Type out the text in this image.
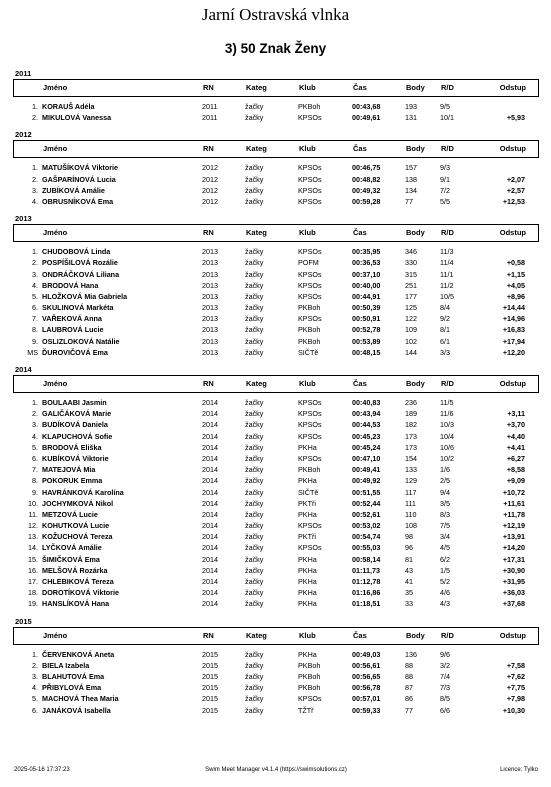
Jarní Ostravská vlnka
3) 50 Znak Ženy
2011
Jméno	RN	Kateg	Klub	Čas	Body R/D	Odstup
1. KORAUŠ Adéla	2011	žačky	PKBoh	00:43,68	193	9/5
2. MIKULOVÁ Vanessa	2011	žačky	KPSOs	00:49,61	131	10/1	+5,93
2012
Jméno	RN	Kateg	Klub	Čas	Body R/D	Odstup
1. MATUŠÍKOVÁ Viktorie	2012	žačky	KPSOs	00:46,75	157	9/3
2. GAŠPARÍNOVÁ Lucia	2012	žačky	KPSOs	00:48,82	138	9/1	+2,07
3. ZUBÍKOVÁ Amálie	2012	žačky	KPSOs	00:49,32	134	7/2	+2,57
4. OBRUSNÍKOVÁ Ema	2012	žačky	KPSOs	00:59,28	77	5/5	+12,53
2013
Jméno	RN	Kateg	Klub	Čas	Body R/D	Odstup
1. CHUDOBOVÁ Linda	2013	žačky	KPSOs	00:35,95	346	11/3
2. POSPÍŠILOVÁ Rozálie	2013	žačky	POFM	00:36,53	330	11/4	+0,58
3. ONDRÁČKOVÁ Liliana	2013	žačky	KPSOs	00:37,10	315	11/1	+1,15
4. BRODOVÁ Hana	2013	žačky	KPSOs	00:40,00	251	11/2	+4,05
5. HLOŽKOVÁ Mia Gabriela	2013	žačky	KPSOs	00:44,91	177	10/5	+8,96
6. SKULINOVÁ Markéta	2013	žačky	PKBoh	00:50,39	125	8/4	+14,44
7. VAŘEKOVÁ Anna	2013	žačky	KPSOs	00:50,91	122	9/2	+14,96
8. LAUBROVÁ Lucie	2013	žačky	PKBoh	00:52,78	109	8/1	+16,83
9. OSLIZLOKOVÁ Natálie	2013	žačky	PKBoh	00:53,89	102	6/1	+17,94
MS ĎUROVIČOVÁ Ema	2013	žačky	SIČTě	00:48,15	144	3/3	+12,20
2014
Jméno	RN	Kateg	Klub	Čas	Body R/D	Odstup
1. BOULAABI Jasmin	2014	žačky	KPSOs	00:40,83	236	11/5
2. GALIČÁKOVÁ Marie	2014	žačky	KPSOs	00:43,94	189	11/6	+3,11
3. BUDÍKOVÁ Daniela	2014	žačky	KPSOs	00:44,53	182	10/3	+3,70
4. KLAPUCHOVÁ Sofie	2014	žačky	KPSOs	00:45,23	173	10/4	+4,40
5. BRODOVÁ Eliška	2014	žačky	PKHa	00:45,24	173	10/6	+4,41
6. KUBÍKOVÁ Viktorie	2014	žačky	KPSOs	00:47,10	154	10/2	+6,27
7. MATEJOVÁ Mia	2014	žačky	PKBoh	00:49,41	133	1/6	+8,58
8. POKORUK Emma	2014	žačky	PKHa	00:49,92	129	2/5	+9,09
9. HAVRÁNKOVÁ Karolína	2014	žačky	SIČTě	00:51,55	117	9/4	+10,72
10. JOCHYMKOVÁ Nikol	2014	žačky	PKTři	00:52,44	111	3/5	+11,61
11. METZOVÁ Lucie	2014	žačky	PKHa	00:52,61	110	8/3	+11,78
12. KOHUTKOVÁ Lucie	2014	žačky	KPSOs	00:53,02	108	7/5	+12,19
13. KOŽUCHOVÁ Tereza	2014	žačky	PKTři	00:54,74	98	3/4	+13,91
14. LYČKOVÁ Amálie	2014	žačky	KPSOs	00:55,03	96	4/5	+14,20
15. ŠIMIČKOVÁ Ema	2014	žačky	PKHa	00:58,14	81	6/2	+17,31
16. MELŠOVÁ Rozárka	2014	žačky	PKHa	01:11,73	43	1/5	+30,90
17. CHLEBIKOVÁ Tereza	2014	žačky	PKHa	01:12,78	41	5/2	+31,95
18. DOROTÍKOVÁ Viktorie	2014	žačky	PKHa	01:16,86	35	4/6	+36,03
19. HANSLÍKOVÁ Hana	2014	žačky	PKHa	01:18,51	33	4/3	+37,68
2015
Jméno	RN	Kateg	Klub	Čas	Body R/D	Odstup
1. ČERVENKOVÁ Aneta	2015	žačky	PKHa	00:49,03	136	9/6
2. BIELA Izabela	2015	žačky	PKBoh	00:56,61	88	3/2	+7,58
3. BLAHUTOVÁ Ema	2015	žačky	PKBoh	00:56,65	88	7/4	+7,62
4. PŘIBYLOVÁ Ema	2015	žačky	PKBoh	00:56,78	87	7/3	+7,75
5. MACHOVÁ Thea Maria	2015	žačky	KPSOs	00:57,01	86	8/5	+7,98
6. JANÁKOVÁ Isabella	2015	žačky	TŽTř	00:59,33	77	6/6	+10,30
2025-05-16 17:37:23	Swim Meet Manager v4.1.4 (https://swimsolutions.cz)	Licence: Tylko
